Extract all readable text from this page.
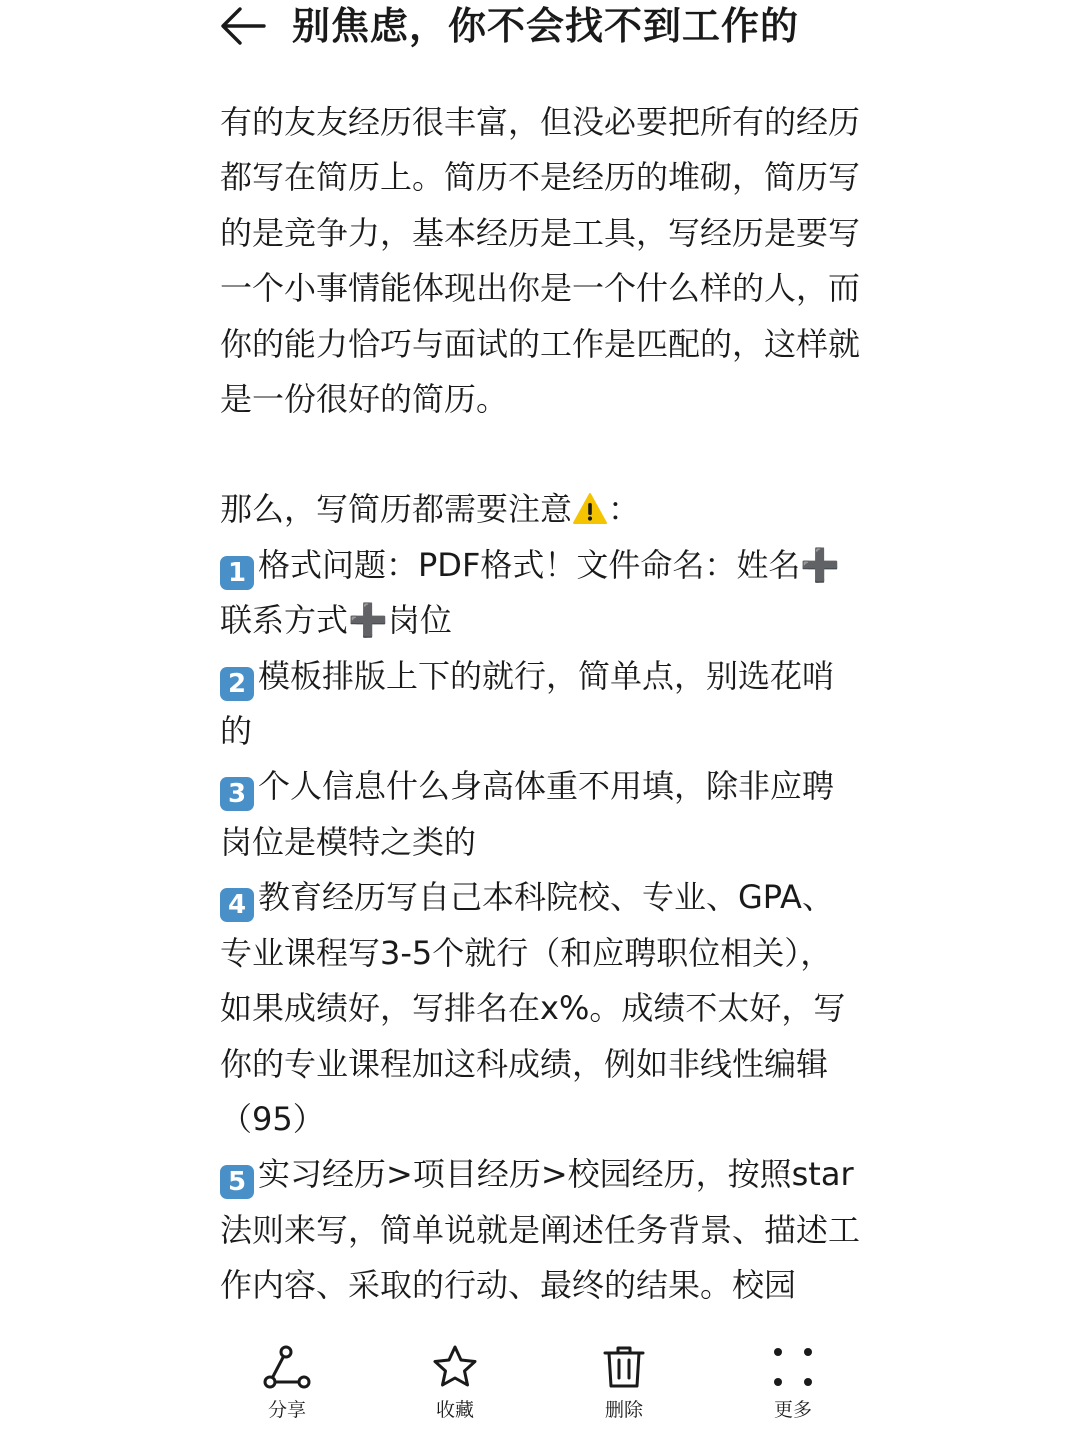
别焦虑，你不会找不到工作的

有的友友经历很丰富，但没必要把所有的经历都写在简历上。简历不是经历的堆砌，简历写的是竞争力，基本经历是工具，写经历是要写一个小事情能体现出你是一个什么样的人，而你的能力恰巧与面试的工作是匹配的，这样就是一份很好的简历。

那么，写简历都需要注意 ：

1 格式问题：PDF格式！文件命名：姓名➕联系方式➕岗位

2 模板排版上下的就行，简单点，别选花哨的

3 个人信息什么身高体重不用填，除非应聘岗位是模特之类的

4 教育经历写自己本科院校、专业、GPA、专业课程写3-5个就行（和应聘职位相关），如果成绩好，写排名在x%。成绩不太好，写你的专业课程加这科成绩，例如非线性编辑（95）

5 实习经历>项目经历>校园经历，按照star法则来写，简单说就是阐述任务背景、描述工作内容、采取的行动、最终的结果。校园

分享	收藏	删除	更多
